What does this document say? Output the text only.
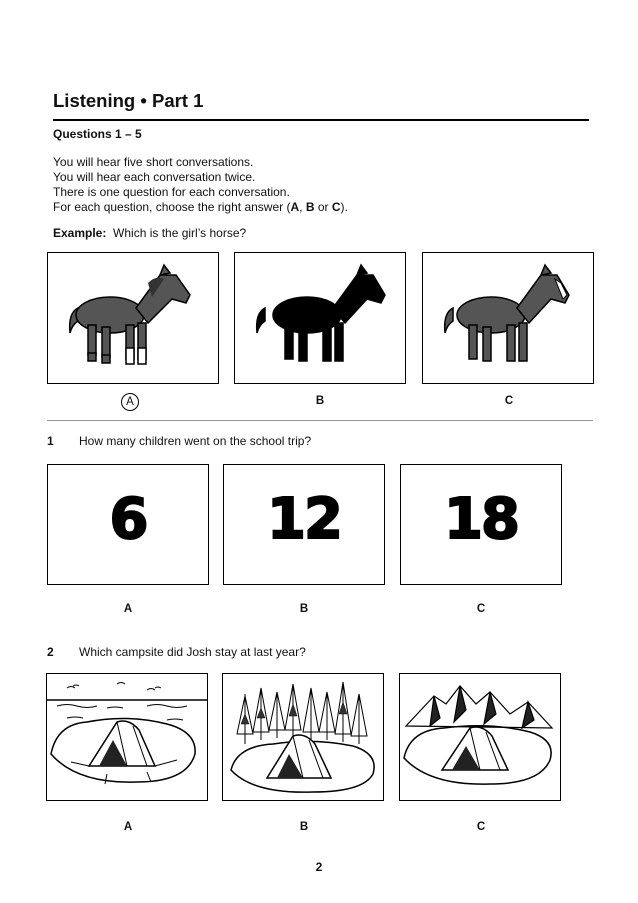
Listening • Part 1
Questions 1 – 5
You will hear five short conversations.
You will hear each conversation twice.
There is one question for each conversation.
For each question, choose the right answer (A, B or C).
Example: Which is the girl’s horse?
A	B	C
1 How many children went on the school trip?
6	12	18
A	B	C
2 Which campsite did Josh stay at last year?
A	B	C
2
